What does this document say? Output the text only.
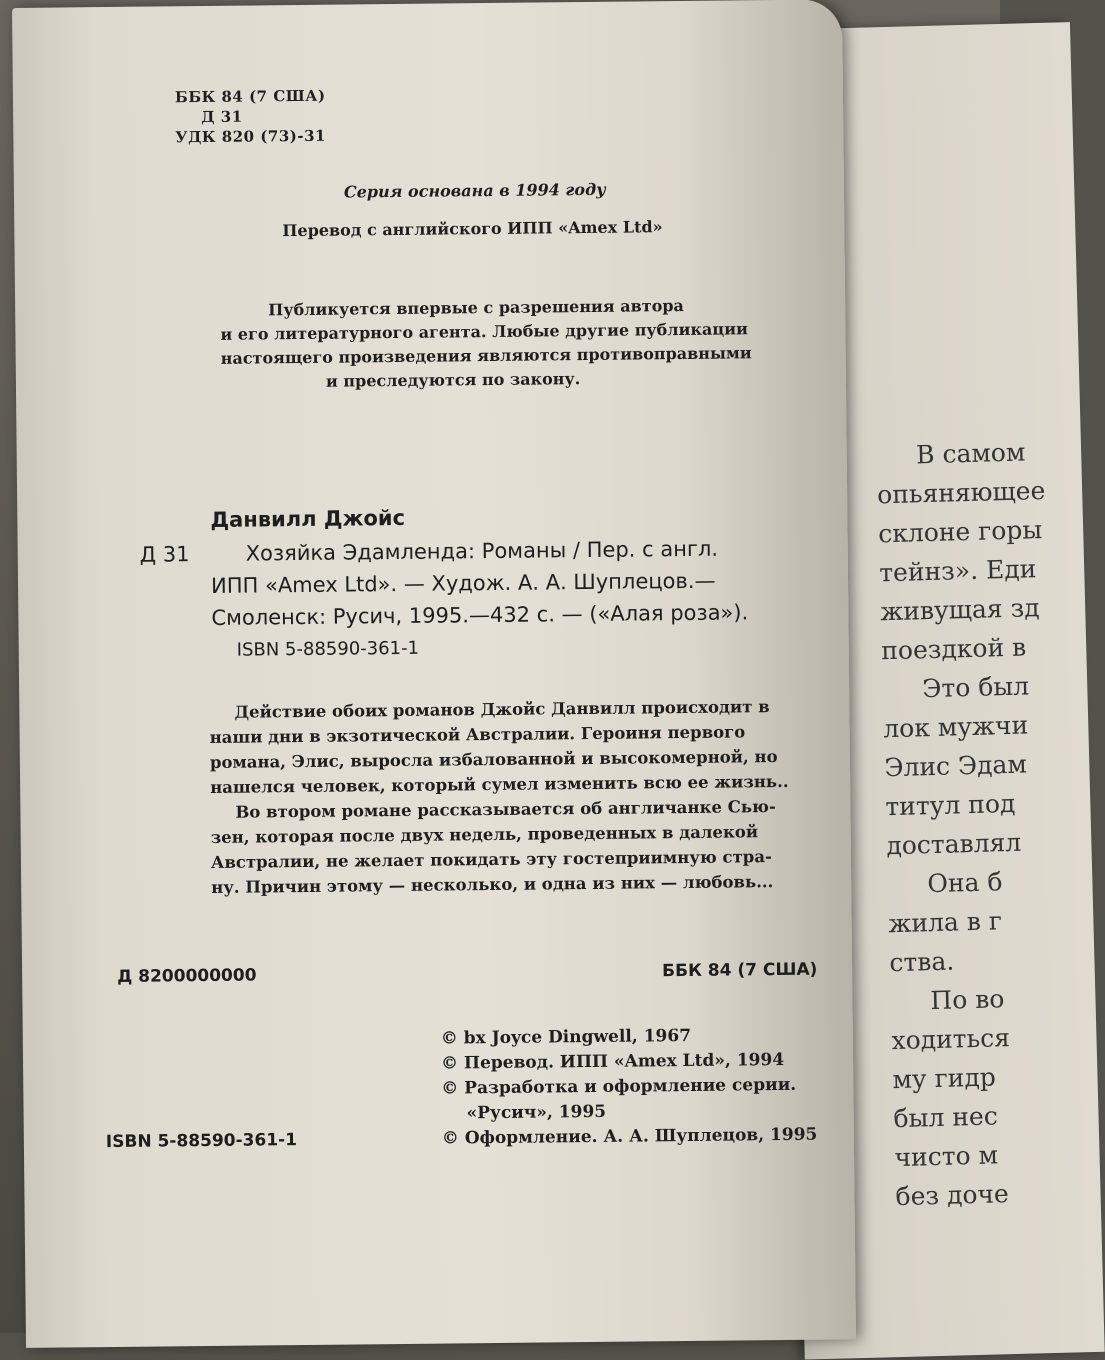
В самом
опьяняющее
склоне горы
тейнз». Еди
живущая зд
поездкой в
Это был
лок мужчи
Элис Эдам
титул под
доставлял
Она б
жила в г
ства.
По во
ходиться
му гидр
был нес
чисто м
без доче
ББК 84 (7 США)
Д 31
УДК 820 (73)-31
Серия основана в 1994 году
Перевод с английского ИПП «Amex Ltd»
Публикуется впервые с разрешения автора
и его литературного агента. Любые другие публикации
настоящего произведения являются противоправными
и преследуются по закону.
Данвилл Джойс
Д 31	Хозяйка Эдамленда: Романы / Пер. с англ.
ИПП «Amex Ltd». — Худож. А. А. Шуплецов.—
Смоленск: Русич, 1995.—432 с. — («Алая роза»).
ISBN 5-88590-361-1
Действие обоих романов Джойс Данвилл происходит в
наши дни в экзотической Австралии. Героиня первого
романа, Элис, выросла избалованной и высокомерной, но
нашелся человек, который сумел изменить всю ее жизнь..
Во втором романе рассказывается об англичанке Сью-
зен, которая после двух недель, проведенных в далекой
Австралии, не желает покидать эту гостеприимную стра-
ну. Причин этому — несколько, и одна из них — любовь...
Д 8200000000	ББК 84 (7 США)
© bx Joyce Dingwell, 1967
© Перевод. ИПП «Amex Ltd», 1994
© Разработка и оформление серии.
«Русич», 1995
ISBN 5-88590-361-1	© Оформление. А. А. Шуплецов, 1995
